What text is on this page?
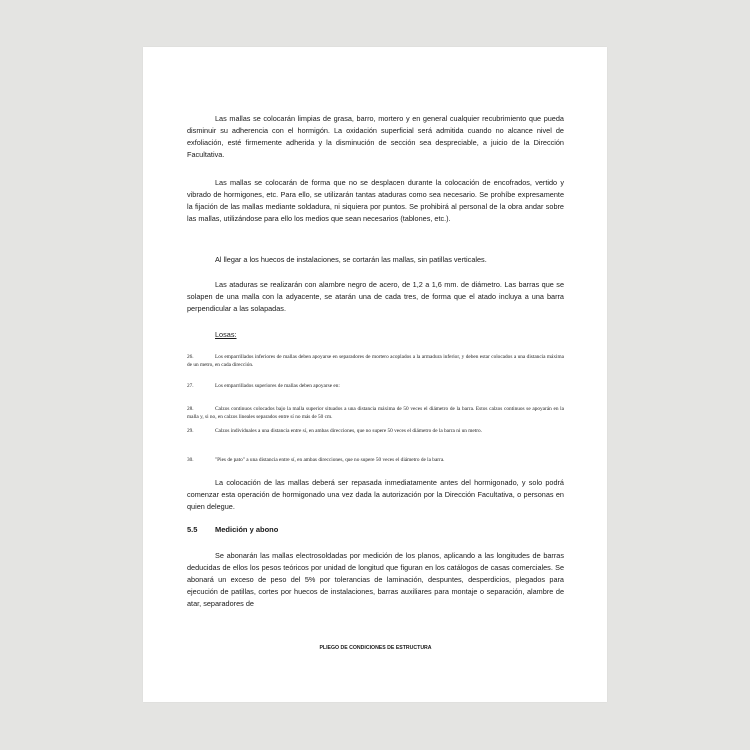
Las mallas se colocarán limpias de grasa, barro, mortero y en general cualquier recubrimiento que pueda disminuir su adherencia con el hormigón. La oxidación superficial será admitida cuando no alcance nivel de exfoliación, esté firmemente adherida y la disminución de sección sea despreciable, a juicio de la Dirección Facultativa.

Las mallas se colocarán de forma que no se desplacen durante la colocación de encofrados, vertido y vibrado de hormigones, etc. Para ello, se utilizarán tantas ataduras como sea necesario. Se prohíbe expresamente la fijación de las mallas mediante soldadura, ni siquiera por puntos. Se prohibirá al personal de la obra andar sobre las mallas, utilizándose para ello los medios que sean necesarios (tablones, etc.).

Al llegar a los huecos de instalaciones, se cortarán las mallas, sin patillas verticales.

Las ataduras se realizarán con alambre negro de acero, de 1,2 a 1,6 mm. de diámetro. Las barras que se solapen de una malla con la adyacente, se atarán una de cada tres, de forma que el atado incluya a una barra perpendicular a las solapadas.

Losas:

26.	Los emparrillados inferiores de mallas deben apoyarse en separadores de mortero acoplados a la armadura inferior, y deben estar colocados a una distancia máxima de un metro, en cada dirección.

27.	Los emparrillados superiores de mallas deben apoyarse en:

28.	Calzos continuos colocados bajo la malla superior situados a una distancia máxima de 50 veces el diámetro de la barra. Estos calzos continuos se apoyarán en la malla y, si no, en calzos lineales separados entre sí no más de 50 cm.

29.	Calzos individuales a una distancia entre sí, en ambas direcciones, que no supere 50 veces el diámetro de la barra ni un metro.

30.	"Pies de pato" a una distancia entre sí, en ambas direcciones, que no supere 50 veces el diámetro de la barra.

La colocación de las mallas deberá ser repasada inmediatamente antes del hormigonado, y solo podrá comenzar esta operación de hormigonado una vez dada la autorización por la Dirección Facultativa, o personas en quien delegue.

5.5 Medición y abono

Se abonarán las mallas electrosoldadas por medición de los planos, aplicando a las longitudes de barras deducidas de ellos los pesos teóricos por unidad de longitud que figuran en los catálogos de casas comerciales. Se abonará un exceso de peso del 5% por tolerancias de laminación, despuntes, desperdicios, plegados para ejecución de patillas, cortes por huecos de instalaciones, barras auxiliares para montaje o separación, alambre de atar, separadores de

PLIEGO DE CONDICIONES DE ESTRUCTURA
